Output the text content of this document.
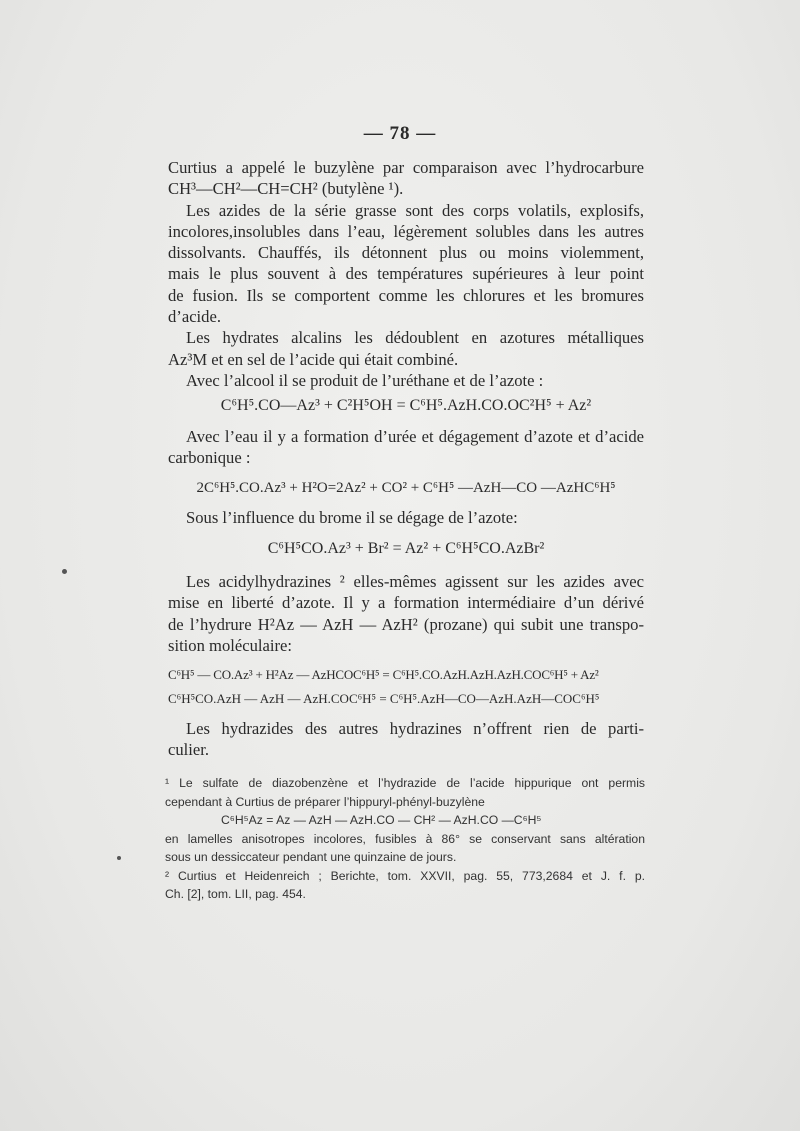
— 78 —
Curtius a appelé le buzylène par comparaison avec l’hydrocarbure
CH³—CH²—CH=CH² (butylène ¹).
Les azides de la série grasse sont des corps volatils, explosifs,
incolores,insolubles dans l’eau, légèrement solubles dans les autres
dissolvants. Chauffés, ils détonnent plus ou moins violemment,
mais le plus souvent à des températures supérieures à leur point
de fusion. Ils se comportent comme les chlorures et les bromures
d’acide.
Les hydrates alcalins les dédoublent en azotures métalliques
Az³M et en sel de l’acide qui était combiné.
Avec l’alcool il se produit de l’uréthane et de l’azote :
C⁶H⁵.CO—Az³ + C²H⁵OH = C⁶H⁵.AzH.CO.OC²H⁵ + Az²
Avec l’eau il y a formation d’urée et dégagement d’azote et d’acide
carbonique :
2C⁶H⁵.CO.Az³ + H²O=2Az² + CO² + C⁶H⁵ —AzH—CO —AzHC⁶H⁵
Sous l’influence du brome il se dégage de l’azote:
C⁶H⁵CO.Az³ + Br² = Az² + C⁶H⁵CO.AzBr²
Les acidylhydrazines ² elles-mêmes agissent sur les azides avec
mise en liberté d’azote. Il y a formation intermédiaire d’un dérivé
de l’hydrure H²Az — AzH — AzH² (prozane) qui subit une transpo-
sition moléculaire:
C⁶H⁵ — CO.Az³ + H²Az — AzHCOC⁶H⁵ = C⁶H⁵.CO.AzH.AzH.AzH.COC⁶H⁵ + Az²
C⁶H⁵CO.AzH — AzH — AzH.COC⁶H⁵ = C⁶H⁵.AzH—CO—AzH.AzH—COC⁶H⁵
Les hydrazides des autres hydrazines n’offrent rien de parti-
culier.
¹ Le sulfate de diazobenzène et l’hydrazide de l’acide hippurique ont permis
cependant à Curtius de préparer l’hippuryl-phényl-buzylène
C⁶H⁵Az = Az — AzH — AzH.CO — CH² — AzH.CO —C⁶H⁵
en lamelles anisotropes incolores, fusibles à 86° se conservant sans altération
sous un dessiccateur pendant une quinzaine de jours.
² Curtius et Heidenreich ; Berichte, tom. XXVII, pag. 55, 773,2684 et J. f. p.
Ch. [2], tom. LII, pag. 454.
